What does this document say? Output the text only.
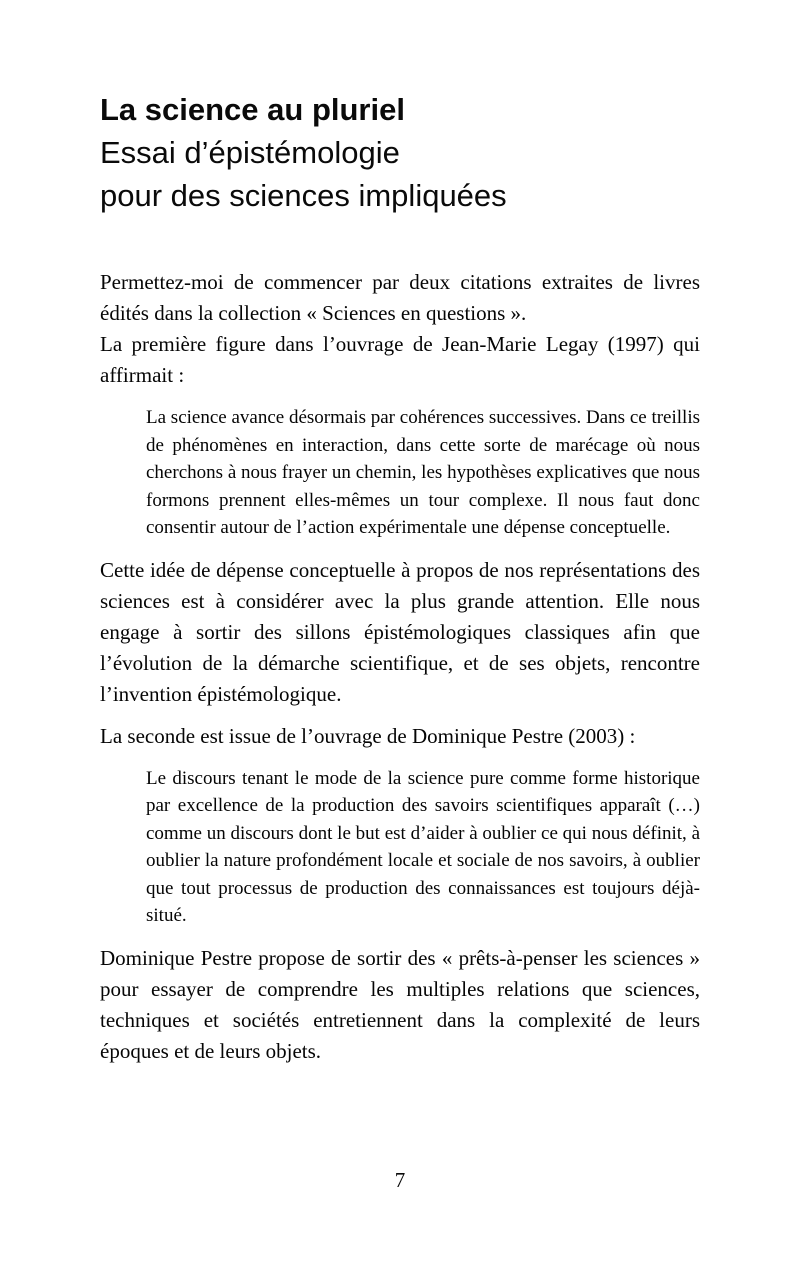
La science au pluriel
Essai d’épistémologie
pour des sciences impliquées

Permettez-moi de commencer par deux citations extraites de livres édités dans la collection « Sciences en questions ».

La première figure dans l’ouvrage de Jean-Marie Legay (1997) qui affirmait :

La science avance désormais par cohérences successives. Dans ce treillis de phénomènes en interaction, dans cette sorte de marécage où nous cherchons à nous frayer un chemin, les hypothèses explicatives que nous formons prennent elles-mêmes un tour complexe. Il nous faut donc consentir autour de l’action expérimentale une dépense conceptuelle.

Cette idée de dépense conceptuelle à propos de nos représentations des sciences est à considérer avec la plus grande attention. Elle nous engage à sortir des sillons épistémologiques classiques afin que l’évolution de la démarche scientifique, et de ses objets, rencontre l’invention épistémologique.

La seconde est issue de l’ouvrage de Dominique Pestre (2003) :

Le discours tenant le mode de la science pure comme forme historique par excellence de la production des savoirs scientifiques apparaît (…) comme un discours dont le but est d’aider à oublier ce qui nous définit, à oublier la nature profondément locale et sociale de nos savoirs, à oublier que tout processus de production des connaissances est toujours déjà-situé.

Dominique Pestre propose de sortir des « prêts-à-penser les sciences » pour essayer de comprendre les multiples relations que sciences, techniques et sociétés entretiennent dans la complexité de leurs époques et de leurs objets.

7
